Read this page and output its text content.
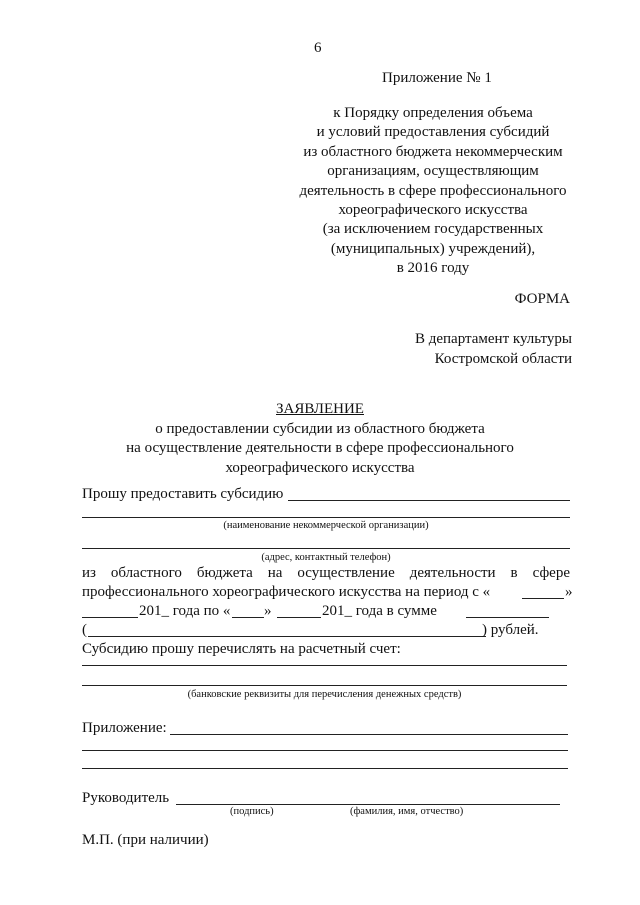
6
Приложение № 1
к Порядку определения объема
и условий предоставления субсидий
из областного бюджета некоммерческим
организациям, осуществляющим
деятельность в сфере профессионального
хореографического искусства
(за исключением государственных
(муниципальных) учреждений),
в 2016 году
ФОРМА
В департамент культуры
Костромской области
ЗАЯВЛЕНИЕ
о предоставлении субсидии из областного бюджета
на осуществление деятельности в сфере профессионального
хореографического искусства
Прошу предоставить субсидию
(наименование некоммерческой организации)
(адрес, контактный телефон)
из областного бюджета на осуществление деятельности в сфере
профессионального хореографического искусства на период с «	»
201_ года по « »	201_ года в сумме
(	) рублей.
Субсидию прошу перечислять на расчетный счет:
(банковские реквизиты для перечисления денежных средств)
Приложение:
Руководитель
(подпись)	(фамилия, имя, отчество)
М.П. (при наличии)
